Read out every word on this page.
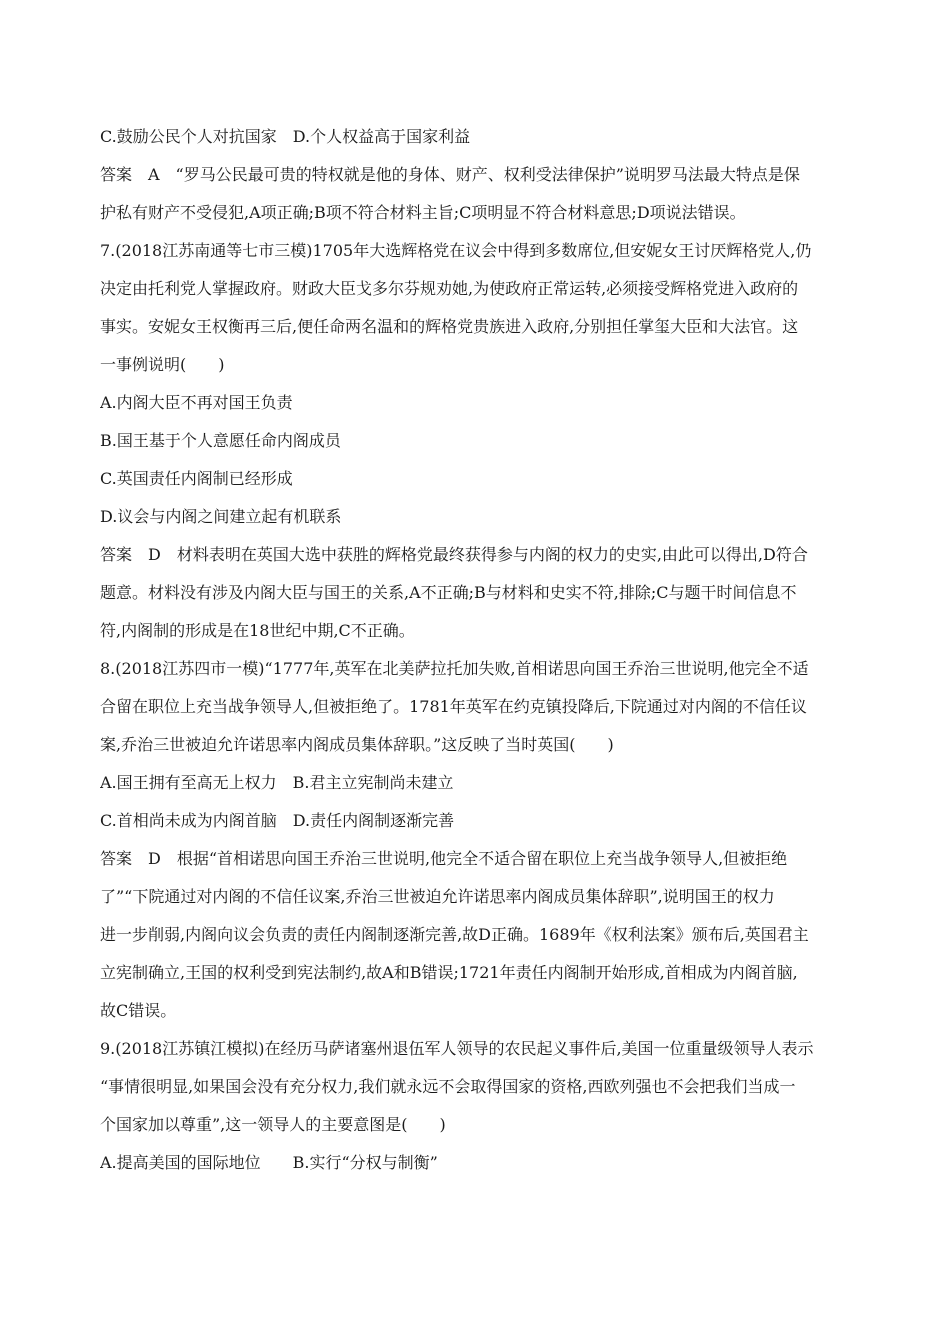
C.鼓励公民个人对抗国家　D.个人权益高于国家利益
答案　A　“罗马公民最可贵的特权就是他的身体、财产、权利受法律保护”说明罗马法最大特点是保
护私有财产不受侵犯,A项正确;B项不符合材料主旨;C项明显不符合材料意思;D项说法错误。
7.(2018江苏南通等七市三模)1705年大选辉格党在议会中得到多数席位,但安妮女王讨厌辉格党人,仍
决定由托利党人掌握政府。财政大臣戈多尔芬规劝她,为使政府正常运转,必须接受辉格党进入政府的
事实。安妮女王权衡再三后,便任命两名温和的辉格党贵族进入政府,分别担任掌玺大臣和大法官。这
一事例说明(　　)
A.内阁大臣不再对国王负责
B.国王基于个人意愿任命内阁成员
C.英国责任内阁制已经形成
D.议会与内阁之间建立起有机联系
答案　D　材料表明在英国大选中获胜的辉格党最终获得参与内阁的权力的史实,由此可以得出,D符合
题意。材料没有涉及内阁大臣与国王的关系,A不正确;B与材料和史实不符,排除;C与题干时间信息不
符,内阁制的形成是在18世纪中期,C不正确。
8.(2018江苏四市一模)“1777年,英军在北美萨拉托加失败,首相诺思向国王乔治三世说明,他完全不适
合留在职位上充当战争领导人,但被拒绝了。1781年英军在约克镇投降后,下院通过对内阁的不信任议
案,乔治三世被迫允许诺思率内阁成员集体辞职。”这反映了当时英国(　　)
A.国王拥有至高无上权力　B.君主立宪制尚未建立
C.首相尚未成为内阁首脑　D.责任内阁制逐渐完善
答案　D　根据“首相诺思向国王乔治三世说明,他完全不适合留在职位上充当战争领导人,但被拒绝
了”“下院通过对内阁的不信任议案,乔治三世被迫允许诺思率内阁成员集体辞职”,说明国王的权力
进一步削弱,内阁向议会负责的责任内阁制逐渐完善,故D正确。1689年《权利法案》颁布后,英国君主
立宪制确立,王国的权利受到宪法制约,故A和B错误;1721年责任内阁制开始形成,首相成为内阁首脑,
故C错误。
9.(2018江苏镇江模拟)在经历马萨诸塞州退伍军人领导的农民起义事件后,美国一位重量级领导人表示
“事情很明显,如果国会没有充分权力,我们就永远不会取得国家的资格,西欧列强也不会把我们当成一
个国家加以尊重”,这一领导人的主要意图是(　　)
A.提高美国的国际地位　　B.实行“分权与制衡”
